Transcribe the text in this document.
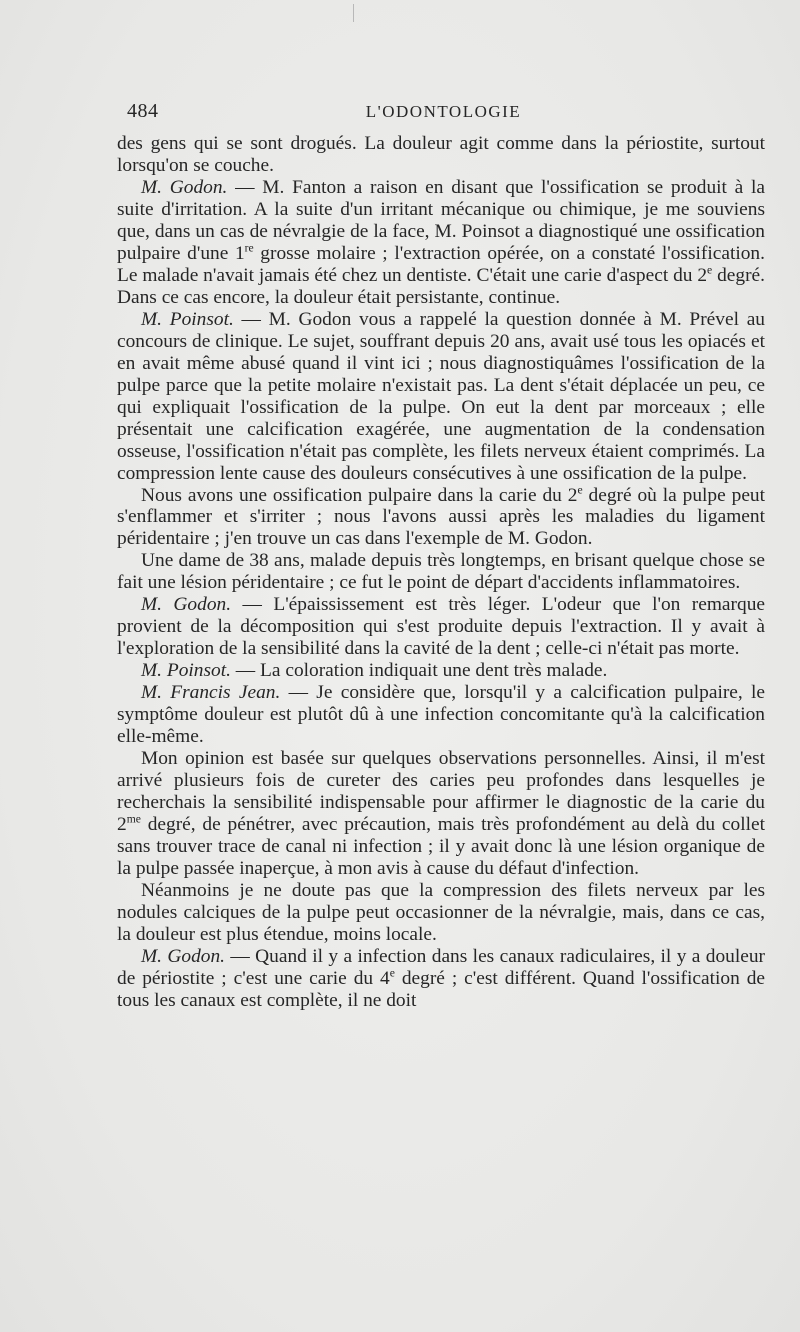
484	L'ODONTOLOGIE

des gens qui se sont drogués. La douleur agit comme dans la périostite, surtout lorsqu'on se couche.

M. Godon. — M. Fanton a raison en disant que l'ossification se produit à la suite d'irritation. A la suite d'un irritant mécanique ou chimique, je me souviens que, dans un cas de névralgie de la face, M. Poinsot a diagnostiqué une ossification pulpaire d'une 1re grosse molaire ; l'extraction opérée, on a constaté l'ossification. Le malade n'avait jamais été chez un dentiste. C'était une carie d'aspect du 2e degré. Dans ce cas encore, la douleur était persistante, continue.

M. Poinsot. — M. Godon vous a rappelé la question donnée à M. Prével au concours de clinique. Le sujet, souffrant depuis 20 ans, avait usé tous les opiacés et en avait même abusé quand il vint ici ; nous diagnostiquâmes l'ossification de la pulpe parce que la petite molaire n'existait pas. La dent s'était déplacée un peu, ce qui expliquait l'ossification de la pulpe. On eut la dent par morceaux ; elle présentait une calcification exagérée, une augmentation de la condensation osseuse, l'ossification n'était pas complète, les filets nerveux étaient comprimés. La compression lente cause des douleurs consécutives à une ossification de la pulpe.

Nous avons une ossification pulpaire dans la carie du 2e degré où la pulpe peut s'enflammer et s'irriter ; nous l'avons aussi après les maladies du ligament péridentaire ; j'en trouve un cas dans l'exemple de M. Godon.

Une dame de 38 ans, malade depuis très longtemps, en brisant quelque chose se fait une lésion péridentaire ; ce fut le point de départ d'accidents inflammatoires.

M. Godon. — L'épaississement est très léger. L'odeur que l'on remarque provient de la décomposition qui s'est produite depuis l'extraction. Il y avait à l'exploration de la sensibilité dans la cavité de la dent ; celle-ci n'était pas morte.

M. Poinsot. — La coloration indiquait une dent très malade.

M. Francis Jean. — Je considère que, lorsqu'il y a calcification pulpaire, le symptôme douleur est plutôt dû à une infection concomitante qu'à la calcification elle-même.

Mon opinion est basée sur quelques observations personnelles. Ainsi, il m'est arrivé plusieurs fois de cureter des caries peu profondes dans lesquelles je recherchais la sensibilité indispensable pour affirmer le diagnostic de la carie du $2^{me}$ degré, de pénétrer, avec précaution, mais très profondément au delà du collet sans trouver trace de canal ni infection ; il y avait donc là une lésion organique de la pulpe passée inaperçue, à mon avis à cause du défaut d'infection.

Néanmoins je ne doute pas que la compression des filets nerveux par les nodules calciques de la pulpe peut occasionner de la névralgie, mais, dans ce cas, la douleur est plus étendue, moins locale.

M. Godon. — Quand il y a infection dans les canaux radiculaires, il y a douleur de périostite ; c'est une carie du 4e degré ; c'est différent. Quand l'ossification de tous les canaux est complète, il ne doit
